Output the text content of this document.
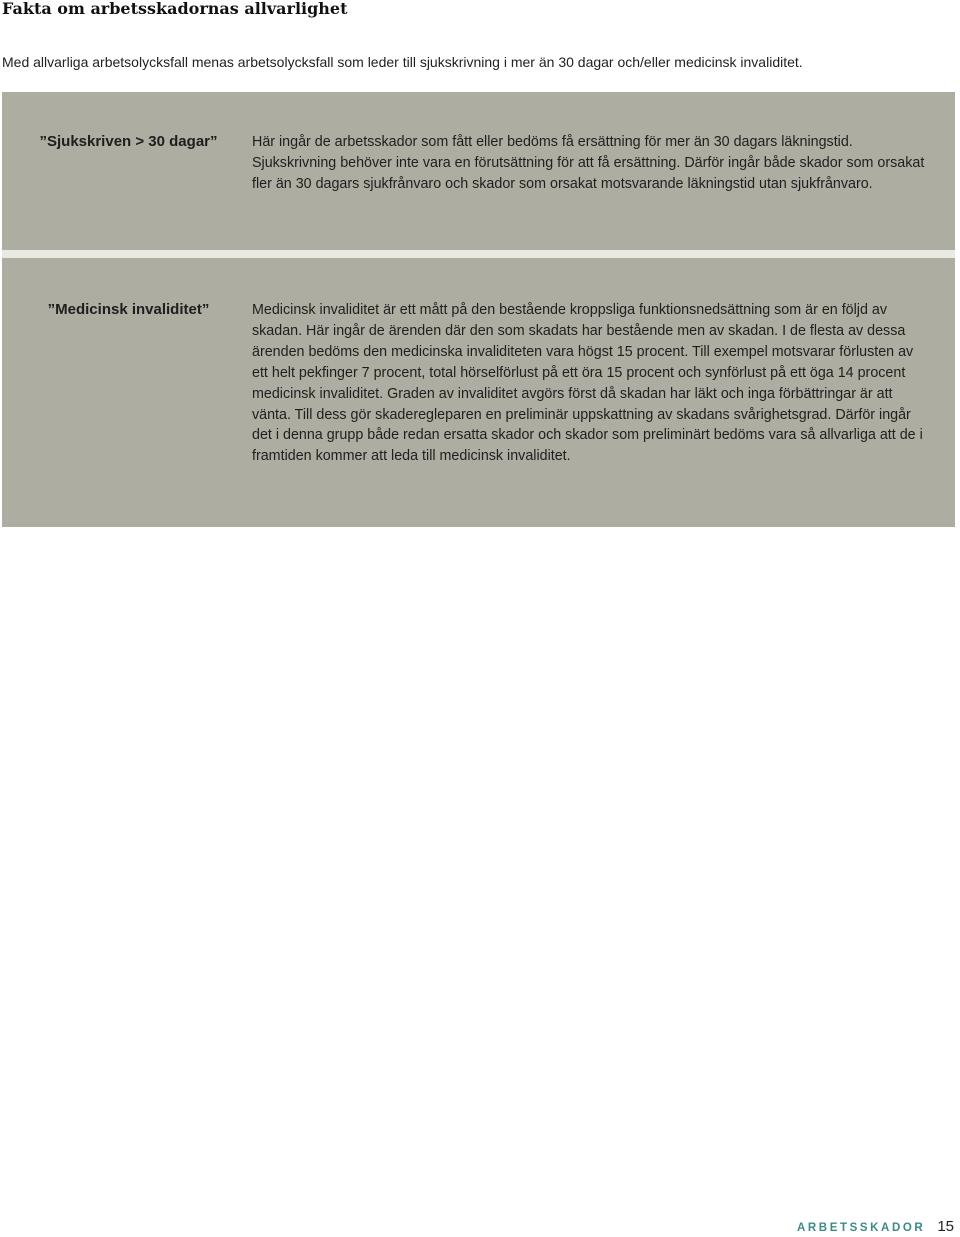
Fakta om arbetsskadornas allvarlighet

Med allvarliga arbetsolycksfall menas arbetsolycksfall som leder till sjukskrivning i mer än 30 dagar och/eller medicinsk invaliditet.

”Sjukskriven > 30 dagar”	Här ingår de arbetsskador som fått eller bedöms få ersättning för mer än 30 dagars läkningstid. Sjukskrivning behöver inte vara en förutsättning för att få ersättning. Därför ingår både skador som orsakat fler än 30 dagars sjukfrånvaro och skador som orsakat motsvarande läkningstid utan sjukfrånvaro.

”Medicinsk invaliditet”	Medicinsk invaliditet är ett mått på den bestående kroppsliga funktionsnedsättning som är en följd av skadan. Här ingår de ärenden där den som skadats har bestående men av skadan. I de flesta av dessa ärenden bedöms den medicinska invaliditeten vara högst 15 procent. Till exempel motsvarar förlusten av ett helt pekfinger 7 procent, total hörselförlust på ett öra 15 procent och synförlust på ett öga 14 procent medicinsk invaliditet. Graden av invaliditet avgörs först då skadan har läkt och inga förbättringar är att vänta. Till dess gör skadereglераren en preliminär uppskattning av skadans svårighetsgrad. Därför ingår det i denna grupp både redan ersatta skador och skador som preliminärt bedöms vara så allvarliga att de i framtiden kommer att leda till medicinsk invaliditet.

ARBETSSKADOR 15
